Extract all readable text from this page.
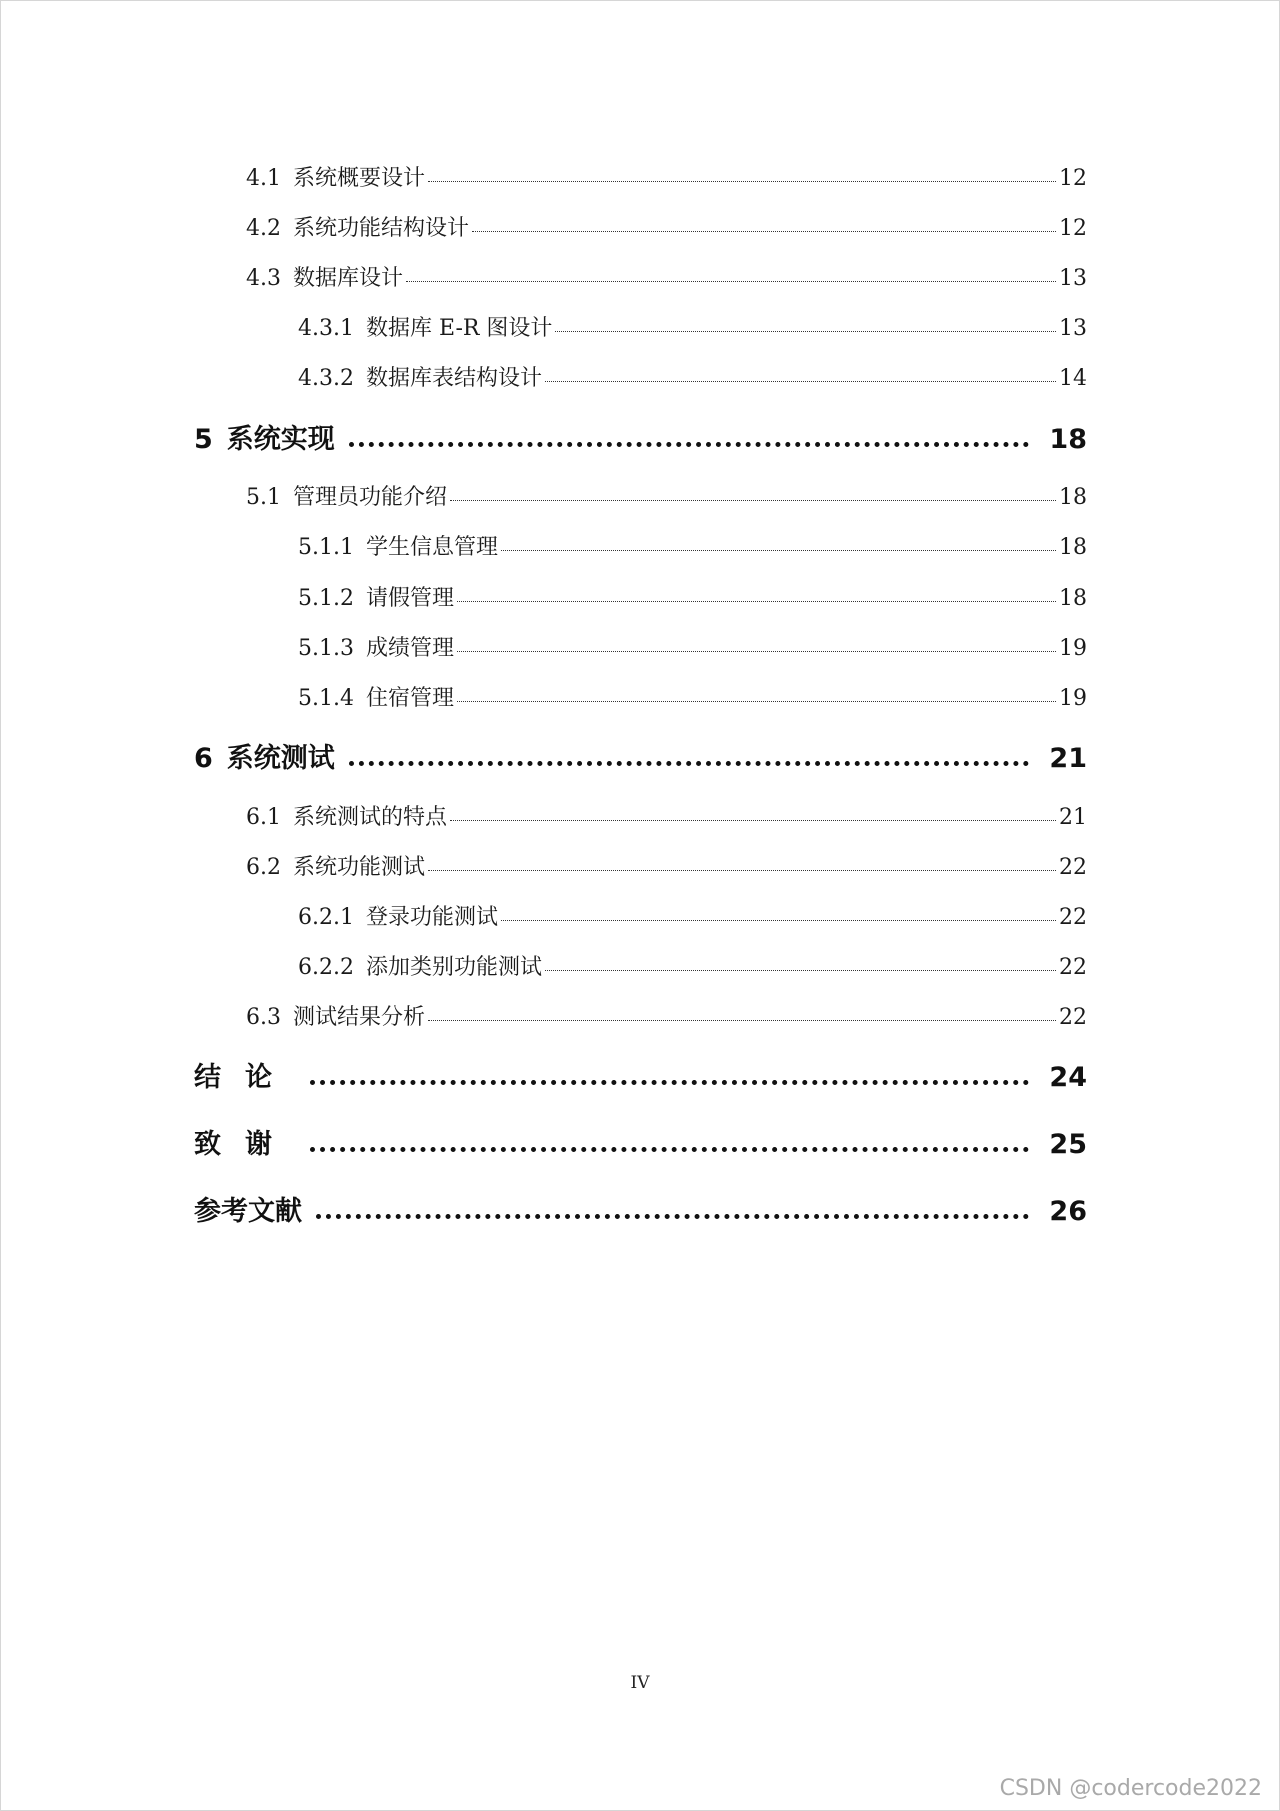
4.1 系统概要设计	12
4.2 系统功能结构设计	12
4.3 数据库设计	13
4.3.1 数据库 E-R 图设计	13
4.3.2 数据库表结构设计	14
5 系统实现	18
5.1 管理员功能介绍	18
5.1.1 学生信息管理	18
5.1.2 请假管理	18
5.1.3 成绩管理	19
5.1.4 住宿管理	19
6 系统测试	21
6.1 系统测试的特点	21
6.2 系统功能测试	22
6.2.1 登录功能测试	22
6.2.2 添加类别功能测试	22
6.3 测试结果分析	22
结论	24
致谢	25
参考文献	26
IV
CSDN @codercode2022
